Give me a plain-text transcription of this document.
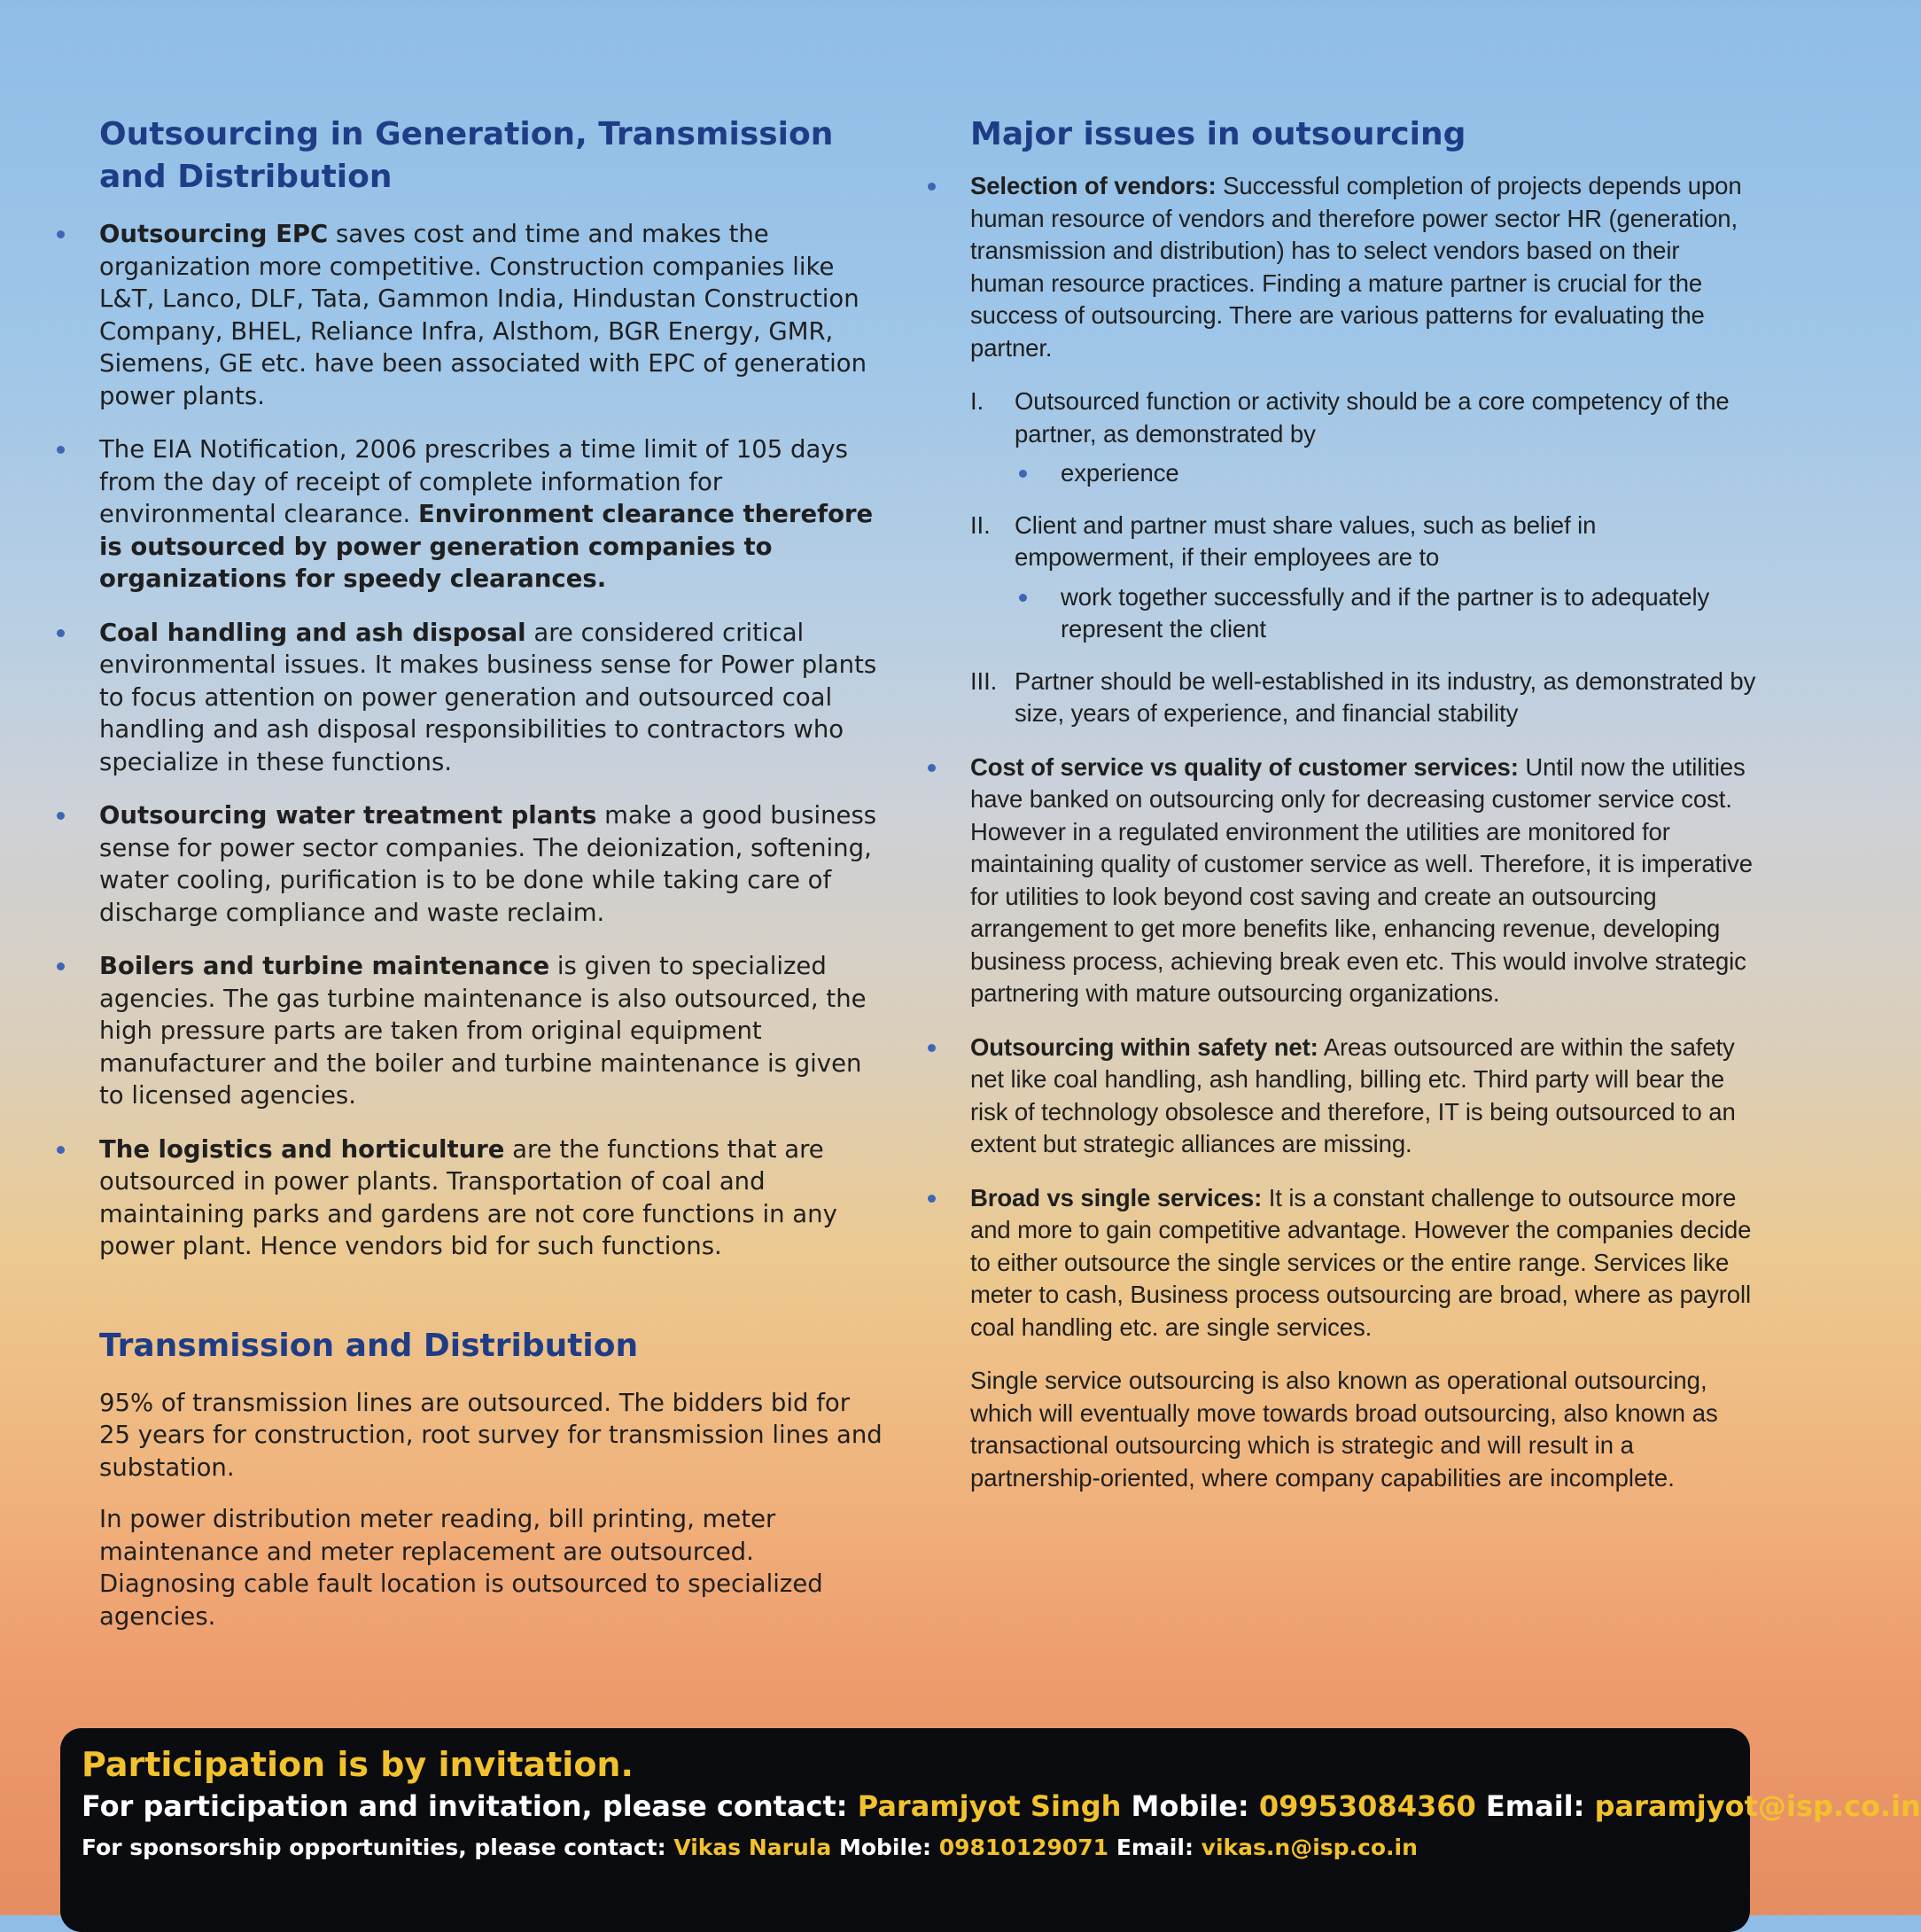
Outsourcing in Generation, Transmission and Distribution
Outsourcing EPC saves cost and time and makes the organization more competitive. Construction companies like L&T, Lanco, DLF, Tata, Gammon India, Hindustan Construction Company, BHEL, Reliance Infra, Alsthom, BGR Energy, GMR, Siemens, GE etc. have been associated with EPC of generation power plants.
The EIA Notification, 2006 prescribes a time limit of 105 days from the day of receipt of complete information for environmental clearance. Environment clearance therefore is outsourced by power generation companies to organizations for speedy clearances.
Coal handling and ash disposal are considered critical environmental issues. It makes business sense for Power plants to focus attention on power generation and outsourced coal handling and ash disposal responsibilities to contractors who specialize in these functions.
Outsourcing water treatment plants make a good business sense for power sector companies. The deionization, softening, water cooling, purification is to be done while taking care of discharge compliance and waste reclaim.
Boilers and turbine maintenance is given to specialized agencies. The gas turbine maintenance is also outsourced, the high pressure parts are taken from original equipment manufacturer and the boiler and turbine maintenance is given to licensed agencies.
The logistics and horticulture are the functions that are outsourced in power plants. Transportation of coal and maintaining parks and gardens are not core functions in any power plant. Hence vendors bid for such functions.
Transmission and Distribution

95% of transmission lines are outsourced. The bidders bid for 25 years for construction, root survey for transmission lines and substation.

In power distribution meter reading, bill printing, meter maintenance and meter replacement are outsourced. Diagnosing cable fault location is outsourced to specialized agencies.

Major issues in outsourcing
Selection of vendors: Successful completion of projects depends upon human resource of vendors and therefore power sector HR (generation, transmission and distribution) has to select vendors based on their human resource practices. Finding a mature partner is crucial for the success of outsourcing. There are various patterns for evaluating the partner.
I. Outsourced function or activity should be a core competency of the partner, as demonstrated by
experience
II. Client and partner must share values, such as belief in empowerment, if their employees are to
work together successfully and if the partner is to adequately represent the client
III. Partner should be well-established in its industry, as demonstrated by size, years of experience, and financial stability
Cost of service vs quality of customer services: Until now the utilities have banked on outsourcing only for decreasing customer service cost. However in a regulated environment the utilities are monitored for maintaining quality of customer service as well. Therefore, it is imperative for utilities to look beyond cost saving and create an outsourcing arrangement to get more benefits like, enhancing revenue, developing business process, achieving break even etc. This would involve strategic partnering with mature outsourcing organizations.
Outsourcing within safety net: Areas outsourced are within the safety net like coal handling, ash handling, billing etc. Third party will bear the risk of technology obsolesce and therefore, IT is being outsourced to an extent but strategic alliances are missing.
Broad vs single services: It is a constant challenge to outsource more and more to gain competitive advantage. However the companies decide to either outsource the single services or the entire range. Services like meter to cash, Business process outsourcing are broad, where as payroll coal handling etc. are single services.

Single service outsourcing is also known as operational outsourcing, which will eventually move towards broad outsourcing, also known as transactional outsourcing which is strategic and will result in a partnership-oriented, where company capabilities are incomplete.

Participation is by invitation.
For participation and invitation, please contact: Paramjyot Singh Mobile: 09953084360 Email: paramjyot@isp.co.in
For sponsorship opportunities, please contact: Vikas Narula Mobile: 09810129071 Email: vikas.n@isp.co.in
